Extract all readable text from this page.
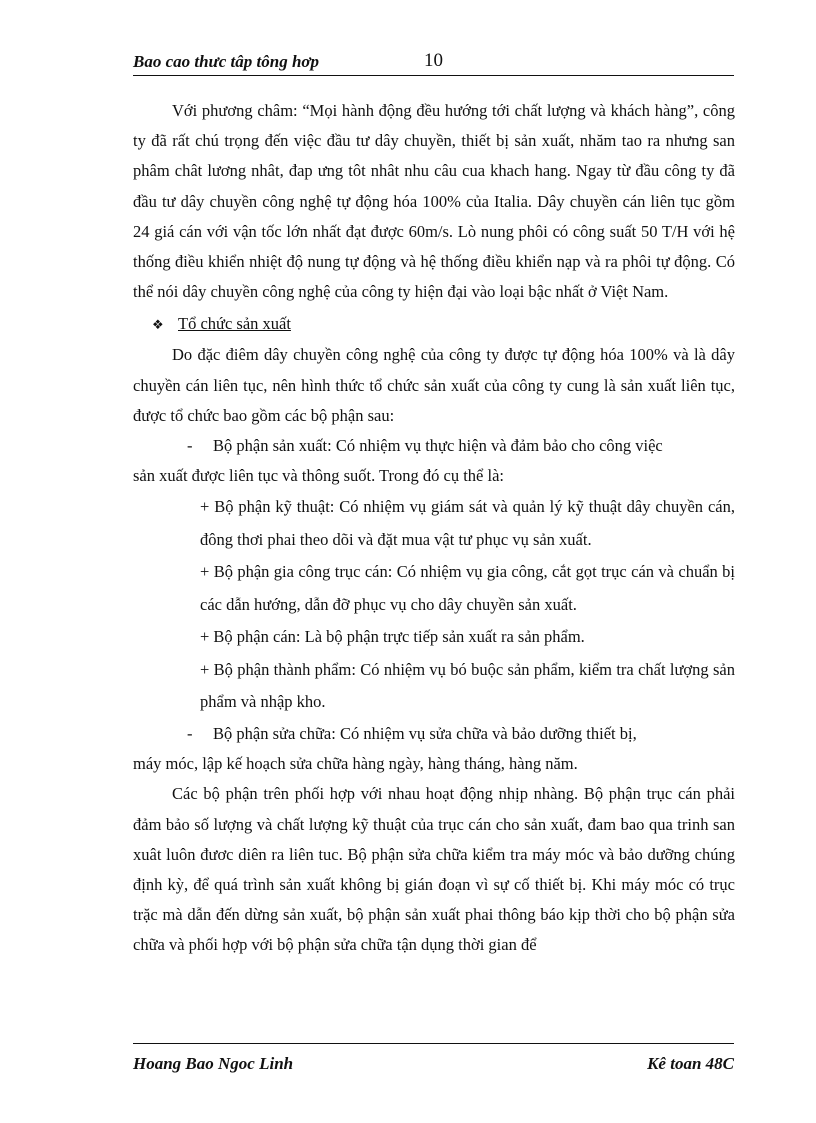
Bao cao thưc tâp tông hơp	10

Với phương châm: “Mọi hành động đều hướng tới chất lượng và khách hàng”, công ty đã rất chú trọng đến việc đầu tư dây chuyền, thiết bị sản xuất, nhăm tao ra nhưng san phâm chât lương nhât, đap ưng tôt nhât nhu câu cua khach hang. Ngay từ đầu công ty đã đầu tư dây chuyền công nghệ tự động hóa 100% của Italia. Dây chuyền cán liên tục gồm 24 giá cán với vận tốc lớn nhất đạt được 60m/s. Lò nung phôi có công suất 50 T/H với hệ thống điều khiển nhiệt độ nung tự động và hệ thống điều khiển nạp và ra phôi tự động. Có thể nói dây chuyền công nghệ của công ty hiện đại vào loại bậc nhất ở Việt Nam.

❖ Tổ chức sản xuất

Do đặc điêm dây chuyền công nghệ của công ty được tự động hóa 100% và là dây chuyền cán liên tục, nên hình thức tổ chức sản xuất của công ty cung là sản xuất liên tục, được tổ chức bao gồm các bộ phận sau:

- Bộ phận sản xuất: Có nhiệm vụ thực hiện và đảm bảo cho công việc

sản xuất được liên tục và thông suốt. Trong đó cụ thể là:

+ Bộ phận kỹ thuật: Có nhiệm vụ giám sát và quản lý kỹ thuật dây chuyền cán, đông thơi phai theo dõi và đặt mua vật tư phục vụ sản xuất.

+ Bộ phận gia công trục cán: Có nhiệm vụ gia công, cắt gọt trục cán và chuẩn bị các dẫn hướng, dẫn đỡ phục vụ cho dây chuyền sản xuất.

+ Bộ phận cán: Là bộ phận trực tiếp sản xuất ra sản phẩm.

+ Bộ phận thành phẩm: Có nhiệm vụ bó buộc sản phẩm, kiểm tra chất lượng sản phẩm và nhập kho.

- Bộ phận sửa chữa: Có nhiệm vụ sửa chữa và bảo dưỡng thiết bị,

máy móc, lập kế hoạch sửa chữa hàng ngày, hàng tháng, hàng năm.

Các bộ phận trên phối hợp với nhau hoạt động nhịp nhàng. Bộ phận trục cán phải đảm bảo số lượng và chất lượng kỹ thuật của trục cán cho sản xuất, đam bao qua trinh san xuât luôn đươc diên ra liên tuc. Bộ phận sửa chữa kiểm tra máy móc và bảo dưỡng chúng định kỳ, để quá trình sản xuất không bị gián đoạn vì sự cố thiết bị. Khi máy móc có trục trặc mà dẫn đến dừng sản xuất, bộ phận sản xuất phai thông báo kịp thời cho bộ phận sửa chữa và phối hợp với bộ phận sửa chữa tận dụng thời gian để

Hoang Bao Ngoc Linh	Kê toan 48C
